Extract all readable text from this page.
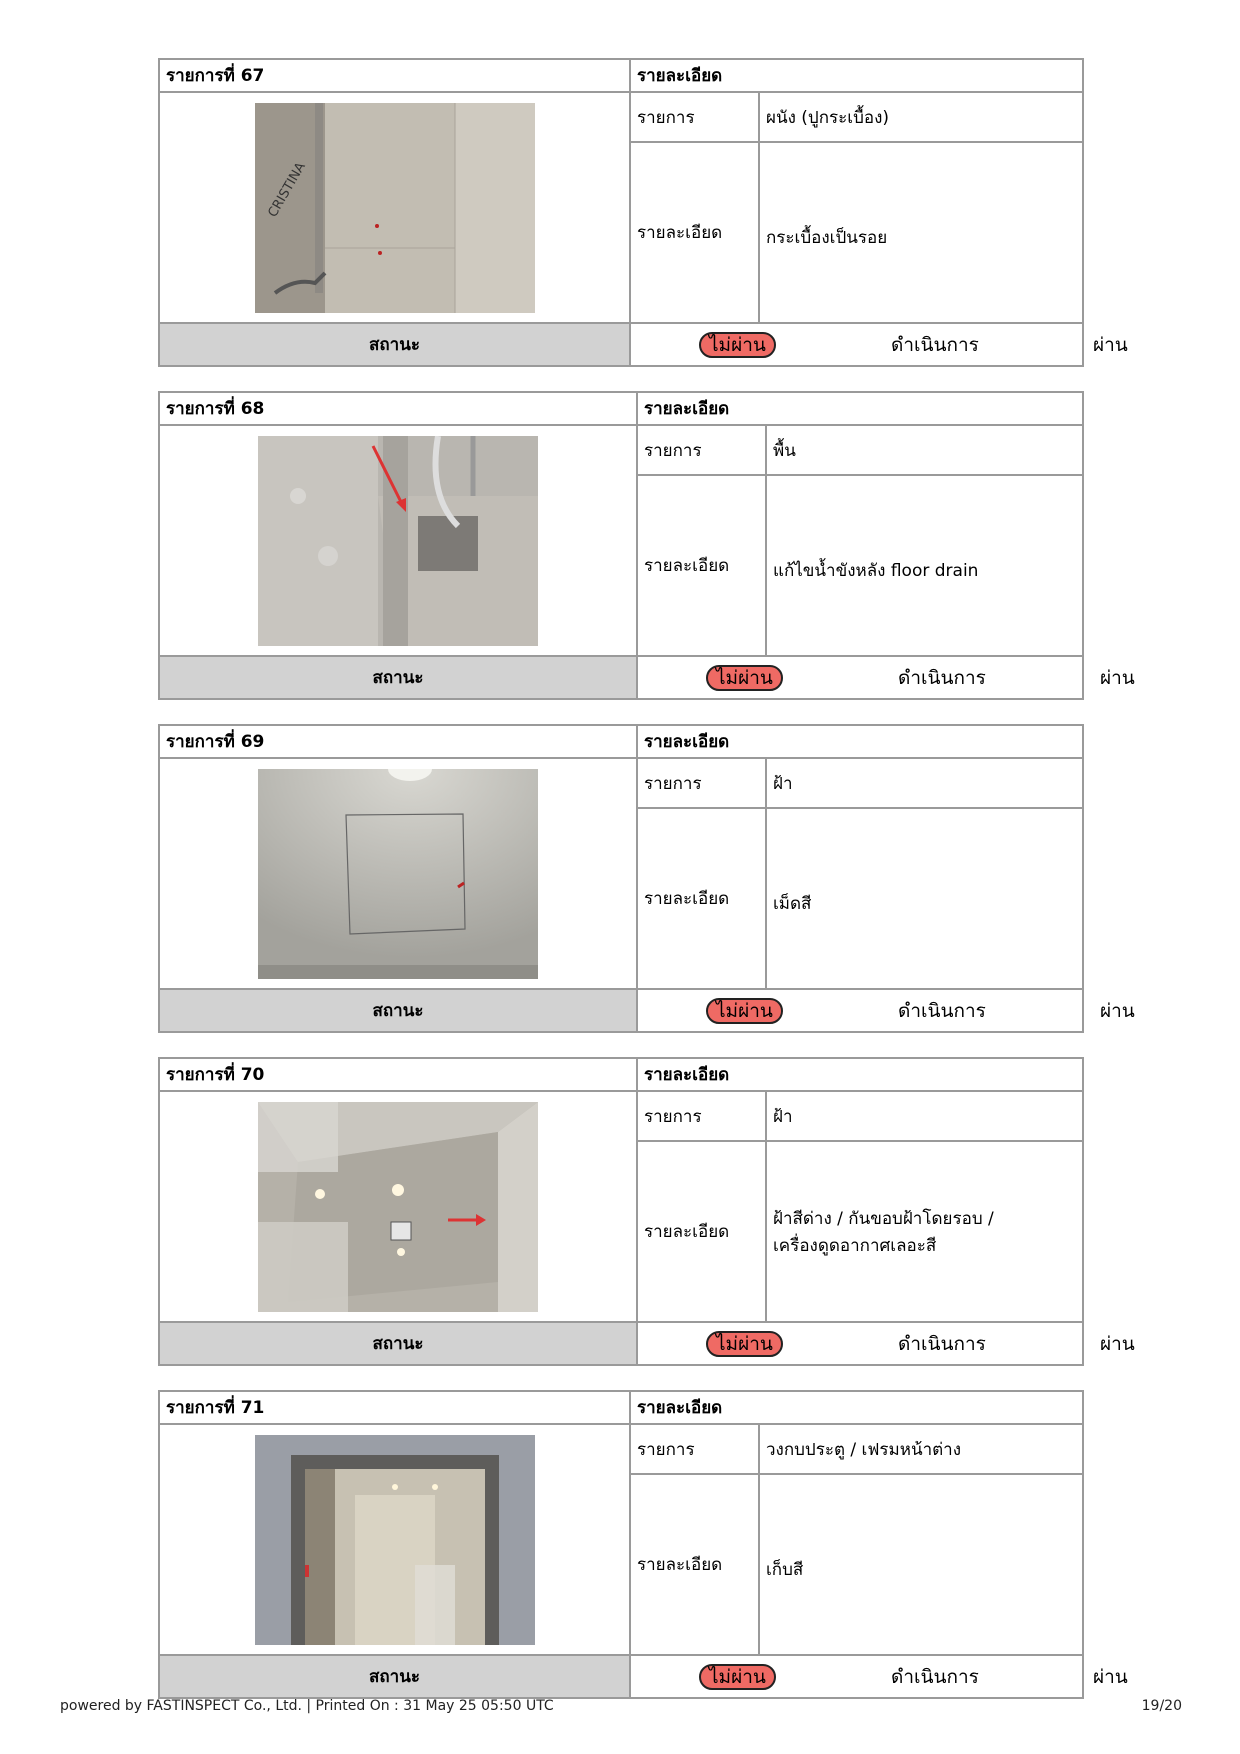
รายการที่ 67	รายละเอียด	

CRISTINA	รายการ	ผนัง (ปูกระเบื้อง)
	รายละเอียด	กระเบื้องเป็นรอย
สถานะ	ไม่ผ่าน ดำเนินการ ผ่าน	
รายการที่ 68	รายละเอียด	
	รายการ	พื้น
	รายละเอียด	แก้ไขน้ำขังหลัง floor drain
สถานะ	ไม่ผ่าน ดำเนินการ ผ่าน	
รายการที่ 69	รายละเอียด	
	รายการ	ฝ้า
	รายละเอียด	เม็ดสี
สถานะ	ไม่ผ่าน ดำเนินการ ผ่าน	
รายการที่ 70	รายละเอียด	
	รายการ	ฝ้า
	รายละเอียด	ฝ้าสีด่าง / กันขอบฝ้าโดยรอบ /
เครื่องดูดอากาศเลอะสี

สถานะ	ไม่ผ่าน ดำเนินการ ผ่าน	
รายการที่ 71	รายละเอียด	
	รายการ	วงกบประตู / เฟรมหน้าต่าง
	รายละเอียด	เก็บสี
สถานะ	ไม่ผ่าน ดำเนินการ ผ่าน	
powered by FASTINSPECT Co., Ltd. | Printed On : 31 May 25 05:50 UTC	19/20
